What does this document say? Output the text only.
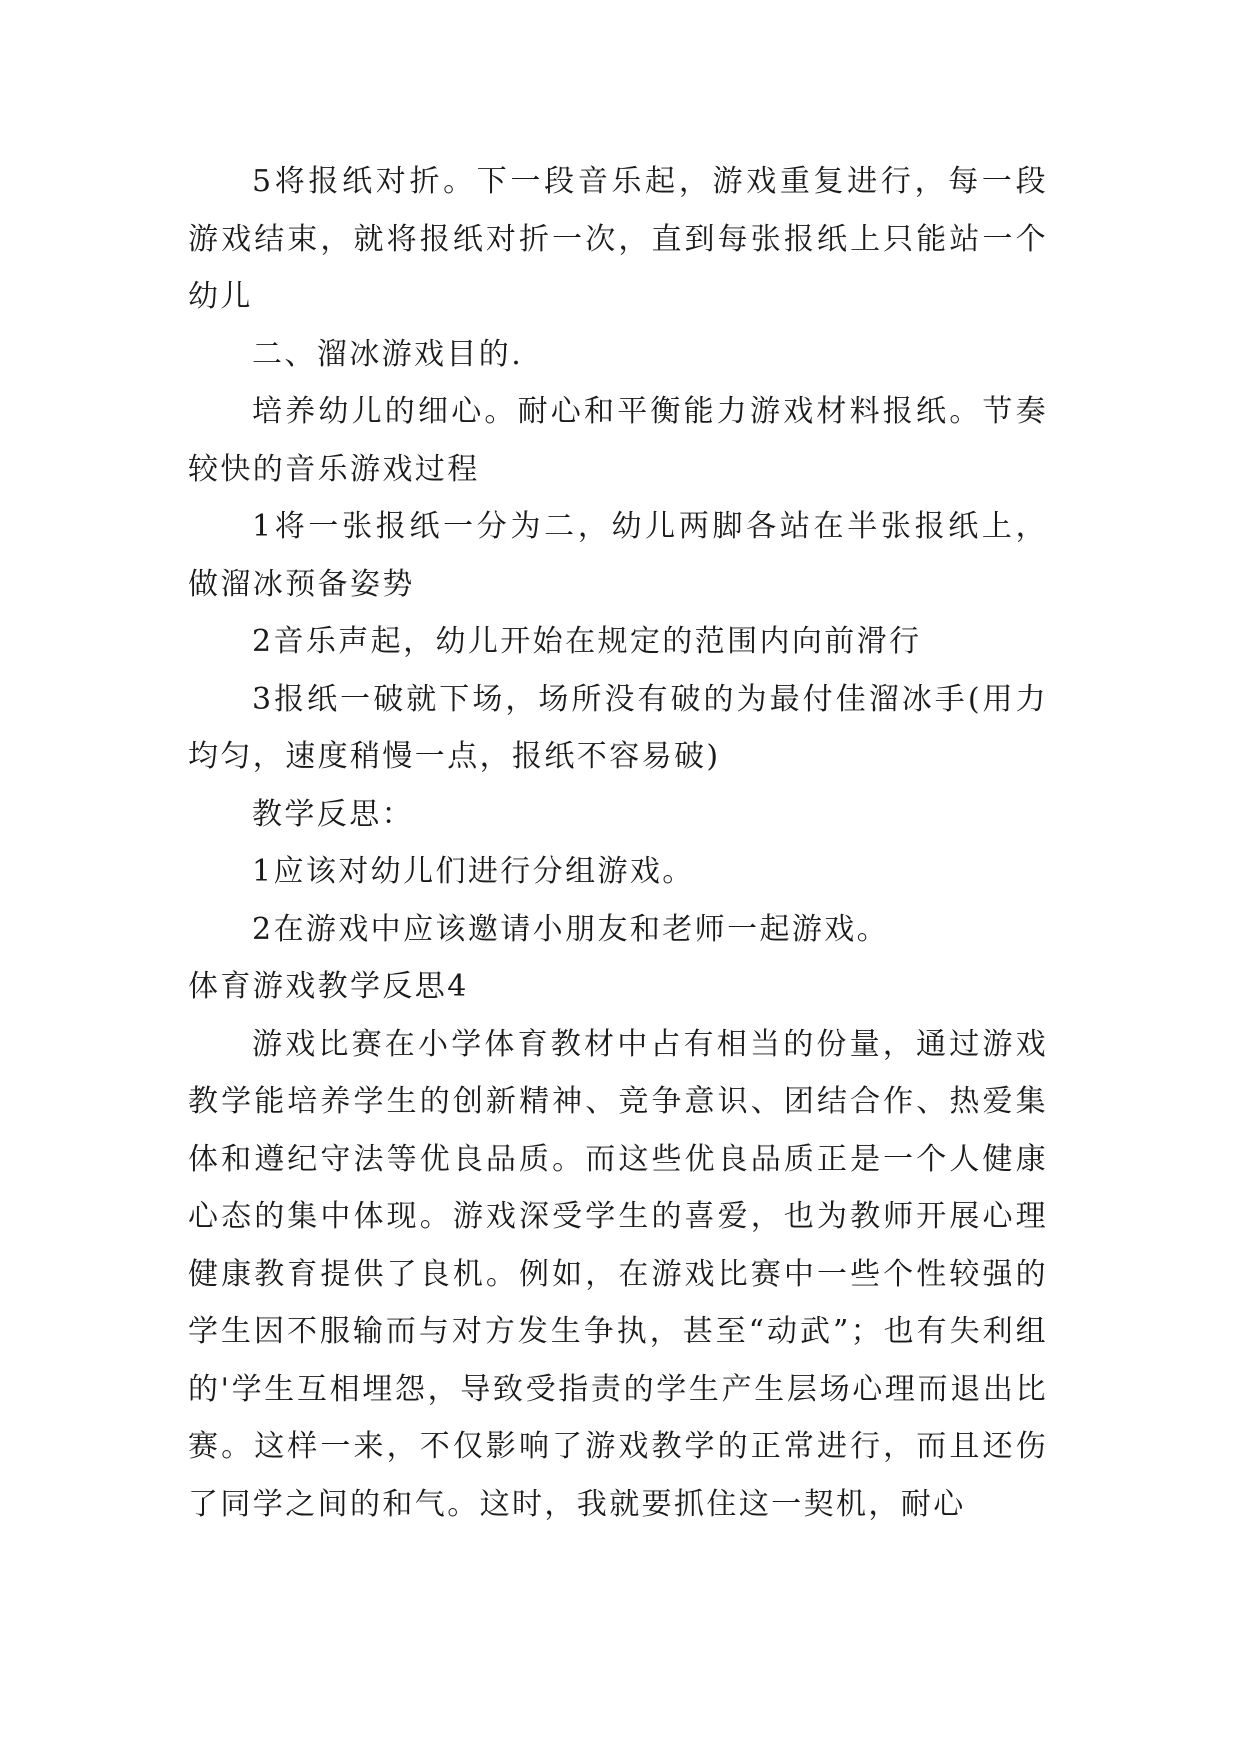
5将报纸对折。下一段音乐起，游戏重复进行，每一段游戏结束，就将报纸对折一次，直到每张报纸上只能站一个幼儿

二、溜冰游戏目的.

培养幼儿的细心。耐心和平衡能力游戏材料报纸。节奏较快的音乐游戏过程

1将一张报纸一分为二，幼儿两脚各站在半张报纸上，做溜冰预备姿势

2音乐声起，幼儿开始在规定的范围内向前滑行

3报纸一破就下场，场所没有破的为最付佳溜冰手(用力均匀，速度稍慢一点，报纸不容易破)

教学反思：

1应该对幼儿们进行分组游戏。

2在游戏中应该邀请小朋友和老师一起游戏。

体育游戏教学反思4

游戏比赛在小学体育教材中占有相当的份量，通过游戏教学能培养学生的创新精神、竞争意识、团结合作、热爱集体和遵纪守法等优良品质。而这些优良品质正是一个人健康心态的集中体现。游戏深受学生的喜爱，也为教师开展心理健康教育提供了良机。例如，在游戏比赛中一些个性较强的学生因不服输而与对方发生争执，甚至“动武”；也有失利组的'学生互相埋怨，导致受指责的学生产生层场心理而退出比赛。这样一来，不仅影响了游戏教学的正常进行，而且还伤了同学之间的和气。这时，我就要抓住这一契机，耐心
